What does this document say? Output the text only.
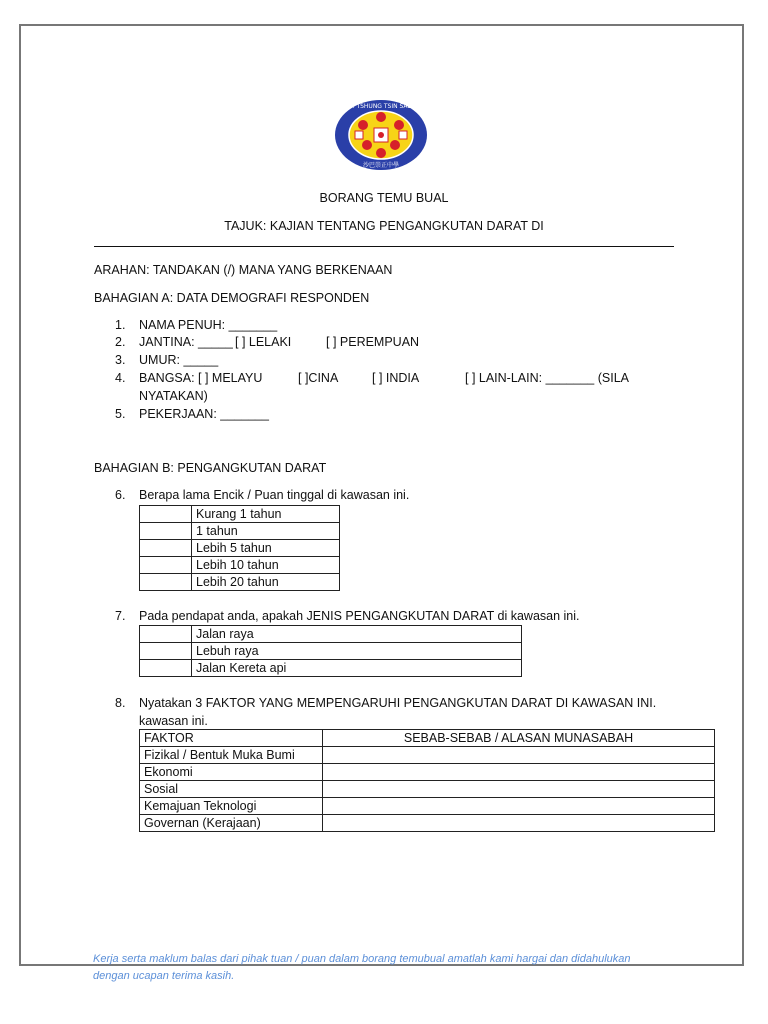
S.M. TSHUNG TSIN SABAH
沙巴崇正中學
BORANG TEMU BUAL
TAJUK: KAJIAN TENTANG PENGANGKUTAN DARAT DI
ARAHAN: TANDAKAN (/) MANA YANG BERKENAAN
BAHAGIAN A: DATA DEMOGRAFI RESPONDEN
1. NAMA PENUH: _______
2. JANTINA: _____ [ ] LELAKI	[ ] PEREMPUAN
3. UMUR: _____
4. BANGSA: [ ] MELAYU	[ ]CINA	[ ] INDIA	[ ] LAIN-LAIN: _______ (SILA
NYATAKAN)
5. PEKERJAAN: _______
BAHAGIAN B: PENGANGKUTAN DARAT
6. Berapa lama Encik / Puan tinggal di kawasan ini.
	Kurang 1 tahun
	1 tahun
	Lebih 5 tahun
	Lebih 10 tahun
	Lebih 20 tahun
7. Pada pendapat anda, apakah JENIS PENGANGKUTAN DARAT di kawasan ini.
	Jalan raya
	Lebuh raya
	Jalan Kereta api
8. Nyatakan 3 FAKTOR YANG MEMPENGARUHI PENGANGKUTAN DARAT DI KAWASAN INI.
kawasan ini.
FAKTOR	SEBAB-SEBAB / ALASAN MUNASABAH
Fizikal / Bentuk Muka Bumi	
Ekonomi	
Sosial	
Kemajuan Teknologi	
Governan (Kerajaan)	
Kerja serta maklum balas dari pihak tuan / puan dalam borang temubual amatlah kami hargai dan didahulukan dengan ucapan terima kasih.
